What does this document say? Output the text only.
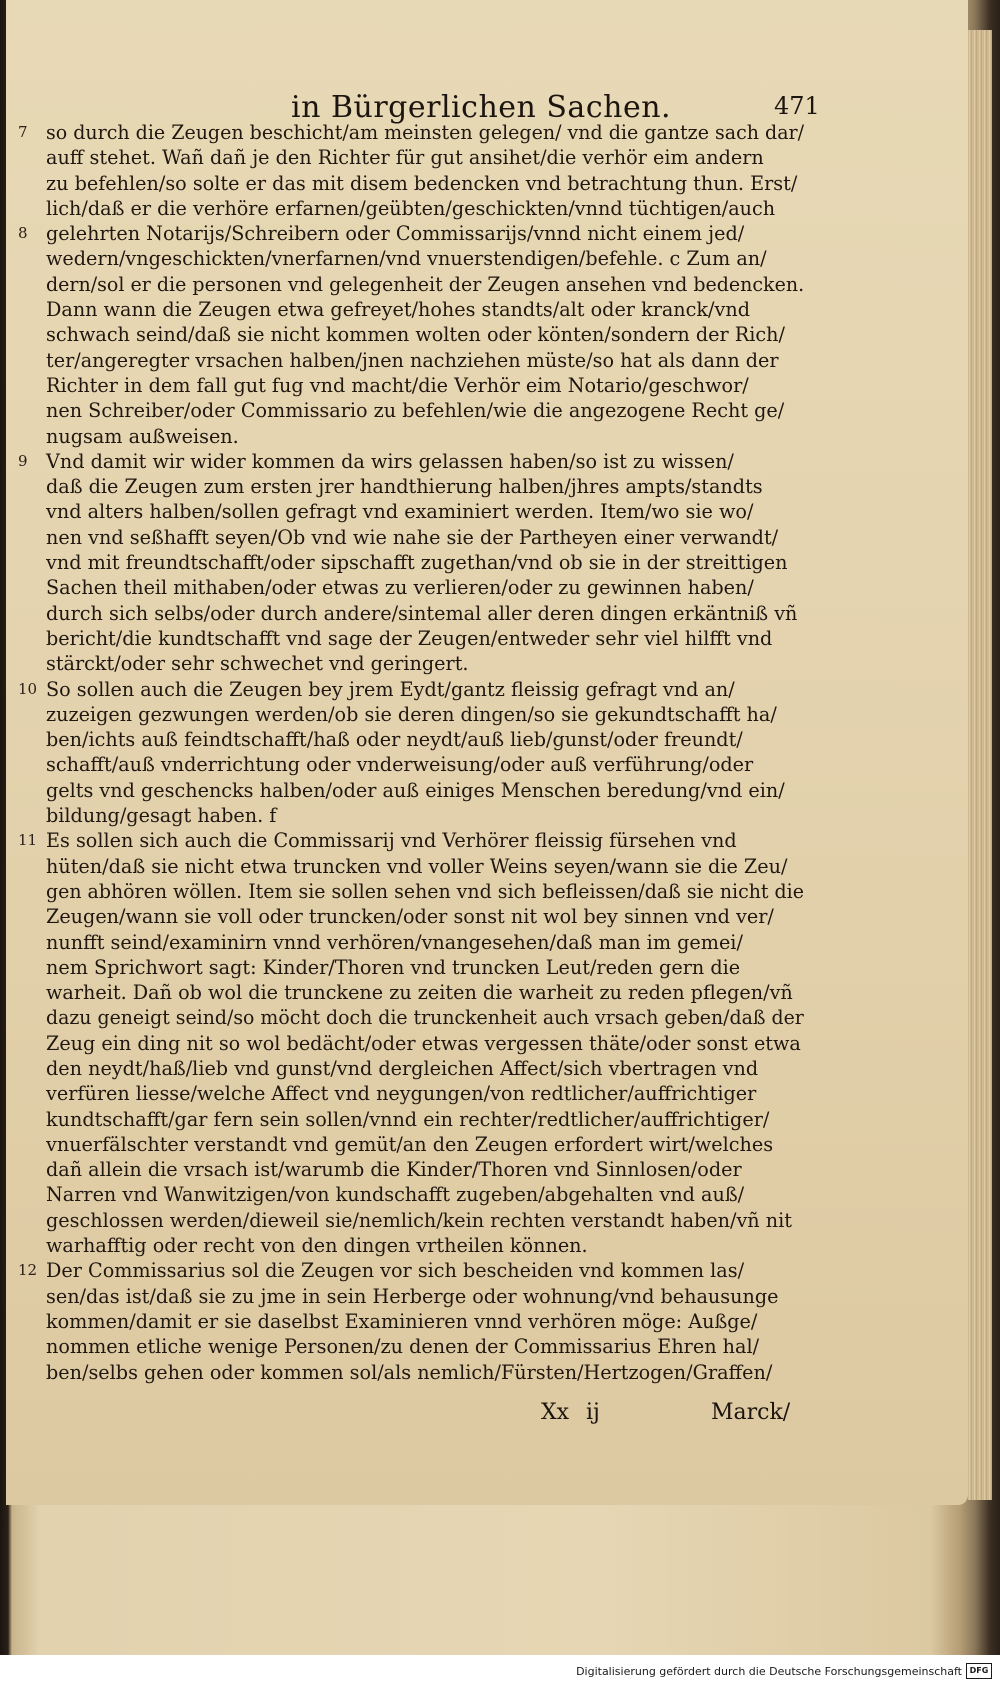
in Bürgerlichen Sachen.	471
7 so durch die Zeugen beschicht/am meinsten gelegen/ vnd die gantze sach dar/
auff stehet. Wañ dañ je den Richter für gut ansihet/die verhör eim andern
zu befehlen/so solte er das mit disem bedencken vnd betrachtung thun. Erst/
lich/daß er die verhöre erfarnen/geübten/geschickten/vnnd tüchtigen/auch
8 gelehrten Notarijs/Schreibern oder Commissarijs/vnnd nicht einem jed/
wedern/vngeschickten/vnerfarnen/vnd vnuerstendigen/befehle. c Zum an/
dern/sol er die personen vnd gelegenheit der Zeugen ansehen vnd bedencken.
Dann wann die Zeugen etwa gefreyet/hohes standts/alt oder kranck/vnd
schwach seind/daß sie nicht kommen wolten oder könten/sondern der Rich/
ter/angeregter vrsachen halben/jnen nachziehen müste/so hat als dann der
Richter in dem fall gut fug vnd macht/die Verhör eim Notario/geschwor/
nen Schreiber/oder Commissario zu befehlen/wie die angezogene Recht ge/
nugsam außweisen.
9 Vnd damit wir wider kommen da wirs gelassen haben/so ist zu wissen/
daß die Zeugen zum ersten jrer handthierung halben/jhres ampts/standts
vnd alters halben/sollen gefragt vnd examiniert werden. Item/wo sie wo/
nen vnd seßhafft seyen/Ob vnd wie nahe sie der Partheyen einer verwandt/
vnd mit freundtschafft/oder sipschafft zugethan/vnd ob sie in der streittigen
Sachen theil mithaben/oder etwas zu verlieren/oder zu gewinnen haben/
durch sich selbs/oder durch andere/sintemal aller deren dingen erkäntniß vñ
bericht/die kundtschafft vnd sage der Zeugen/entweder sehr viel hilfft vnd
stärckt/oder sehr schwechet vnd geringert.
10 So sollen auch die Zeugen bey jrem Eydt/gantz fleissig gefragt vnd an/
zuzeigen gezwungen werden/ob sie deren dingen/so sie gekundtschafft ha/
ben/ichts auß feindtschafft/haß oder neydt/auß lieb/gunst/oder freundt/
schafft/auß vnderrichtung oder vnderweisung/oder auß verführung/oder
gelts vnd geschencks halben/oder auß einiges Menschen beredung/vnd ein/
bildung/gesagt haben. f
11 Es sollen sich auch die Commissarij vnd Verhörer fleissig fürsehen vnd
hüten/daß sie nicht etwa truncken vnd voller Weins seyen/wann sie die Zeu/
gen abhören wöllen. Item sie sollen sehen vnd sich befleissen/daß sie nicht die
Zeugen/wann sie voll oder truncken/oder sonst nit wol bey sinnen vnd ver/
nunfft seind/examinirn vnnd verhören/vnangesehen/daß man im gemei/
nem Sprichwort sagt: Kinder/Thoren vnd truncken Leut/reden gern die
warheit. Dañ ob wol die trunckene zu zeiten die warheit zu reden pflegen/vñ
dazu geneigt seind/so möcht doch die trunckenheit auch vrsach geben/daß der
Zeug ein ding nit so wol bedächt/oder etwas vergessen thäte/oder sonst etwa
den neydt/haß/lieb vnd gunst/vnd dergleichen Affect/sich vbertragen vnd
verfüren liesse/welche Affect vnd neygungen/von redtlicher/auffrichtiger
kundtschafft/gar fern sein sollen/vnnd ein rechter/redtlicher/auffrichtiger/
vnuerfälschter verstandt vnd gemüt/an den Zeugen erfordert wirt/welches
dañ allein die vrsach ist/warumb die Kinder/Thoren vnd Sinnlosen/oder
Narren vnd Wanwitzigen/von kundschafft zugeben/abgehalten vnd auß/
geschlossen werden/dieweil sie/nemlich/kein rechten verstandt haben/vñ nit
warhafftig oder recht von den dingen vrtheilen können.
12 Der Commissarius sol die Zeugen vor sich bescheiden vnd kommen las/
sen/das ist/daß sie zu jme in sein Herberge oder wohnung/vnd behausunge
kommen/damit er sie daselbst Examinieren vnnd verhören möge: Außge/
nommen etliche wenige Personen/zu denen der Commissarius Ehren hal/
ben/selbs gehen oder kommen sol/als nemlich/Fürsten/Hertzogen/Graffen/
Xx ij	Marck/
Digitalisierung gefördert durch die Deutsche Forschungsgemeinschaft DFG
